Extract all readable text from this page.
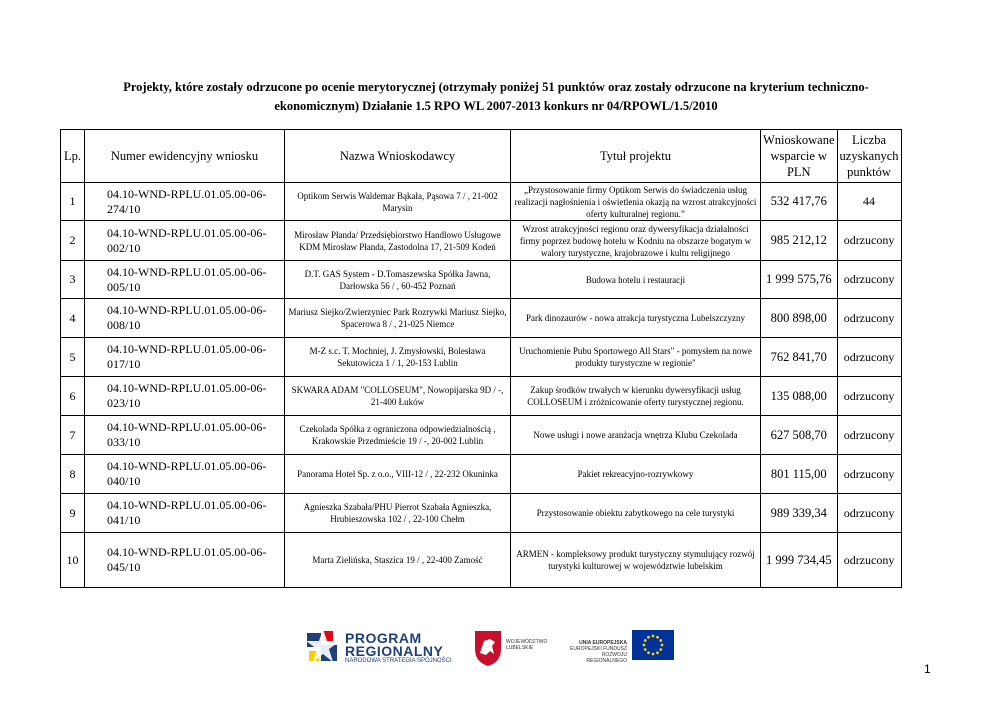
Projekty, które zostały odrzucone po ocenie merytorycznej (otrzymały poniżej 51 punktów oraz zostały odrzucone na kryterium techniczno-
ekonomicznym) Działanie 1.5 RPO WL 2007-2013 konkurs nr 04/RPOWL/1.5/2010
Lp.	Numer ewidencyjny wniosku	Nazwa Wnioskodawcy	Tytuł projektu	Wnioskowane wsparcie w PLN	Liczba uzyskanych punktów
1	04.10-WND-RPLU.01.05.00-06-274/10	Optikom Serwis Waldemar Bąkała, Pąsowa 7 / , 21-002 Marysin	„Przystosowanie firmy Optikom Serwis do świadczenia usług realizacji nagłośnienia i oświetlenia okazją na wzrost atrakcyjności oferty kulturalnej regionu.”	532 417,76	44
2	04.10-WND-RPLU.01.05.00-06-002/10	Mirosław Płanda/ Przedsiębiorstwo Handlowo Usługowe KDM Mirosław Płanda, Zastodolna 17, 21-509 Kodeń	Wzrost atrakcyjności regionu oraz dywersyfikacja działalności firmy poprzez budowę hotelu w Kodniu na obszarze bogatym w walory turystyczne, krajobrazowe i kultu religijnego	985 212,12	odrzucony
3	04.10-WND-RPLU.01.05.00-06-005/10	D.T. GAS System - D.Tomaszewska Spółka Jawna, Darłowska 56 / , 60-452 Poznań	Budowa hotelu i restauracji	1 999 575,76	odrzucony
4	04.10-WND-RPLU.01.05.00-06-008/10	Mariusz Siejko/Zwierzyniec Park Rozrywki Mariusz Siejko, Spacerowa 8 / , 21-025 Niemce	Park dinozaurów - nowa atrakcja turystyczna Lubelszczyzny	800 898,00	odrzucony
5	04.10-WND-RPLU.01.05.00-06-017/10	M-Z s.c. T. Mochniej, J. Zmysłowski, Bolesława Sekutowicza 1 / 1, 20-153 Lublin	Uruchomienie Pubu Sportowego All Stars" - pomysłem na nowe produkty turystyczne w regionie"	762 841,70	odrzucony
6	04.10-WND-RPLU.01.05.00-06-023/10	SKWARA ADAM "COLLOSEUM", Nowopijarska 9D / -, 21-400 Łuków	Zakup środków trwałych w kierunku dywersyfikacji usług COLLOSEUM i zróżnicowanie oferty turystycznej regionu.	135 088,00	odrzucony
7	04.10-WND-RPLU.01.05.00-06-033/10	Czekolada Spółka z ograniczona odpowiedzialnością , Krakowskie Przedmieście 19 / -, 20-002 Lublin	Nowe usługi i nowe aranżacja wnętrza Klubu Czekolada	627 508,70	odrzucony
8	04.10-WND-RPLU.01.05.00-06-040/10	Panorama Hotel Sp. z o.o., VIII-12 / , 22-232 Okuninka	Pakiet rekreacyjno-rozrywkowy	801 115,00	odrzucony
9	04.10-WND-RPLU.01.05.00-06-041/10	Agnieszka Szabała/PHU Pierrot Szabała Agnieszka, Hrubieszowska 102 / , 22-100 Chełm	Przystosowanie obiektu zabytkowego na cele turystyki	989 339,34	odrzucony
10	04.10-WND-RPLU.01.05.00-06-045/10	Marta Zielińska, Staszica 19 / , 22-400 Zamość	ARMEN - kompleksowy produkt turystyczny stymulujący rozwój turystyki kulturowej w województwie lubelskim	1 999 734,45	odrzucony
PROGRAM
REGIONALNY
NARODOWA STRATEGIA SPÓJNOŚCI
WOJEWÓDZTWO
LUBELSKIE
UNIA EUROPEJSKA
EUROPEJSKI FUNDUSZ
ROZWOJU REGIONALNEGO
1
